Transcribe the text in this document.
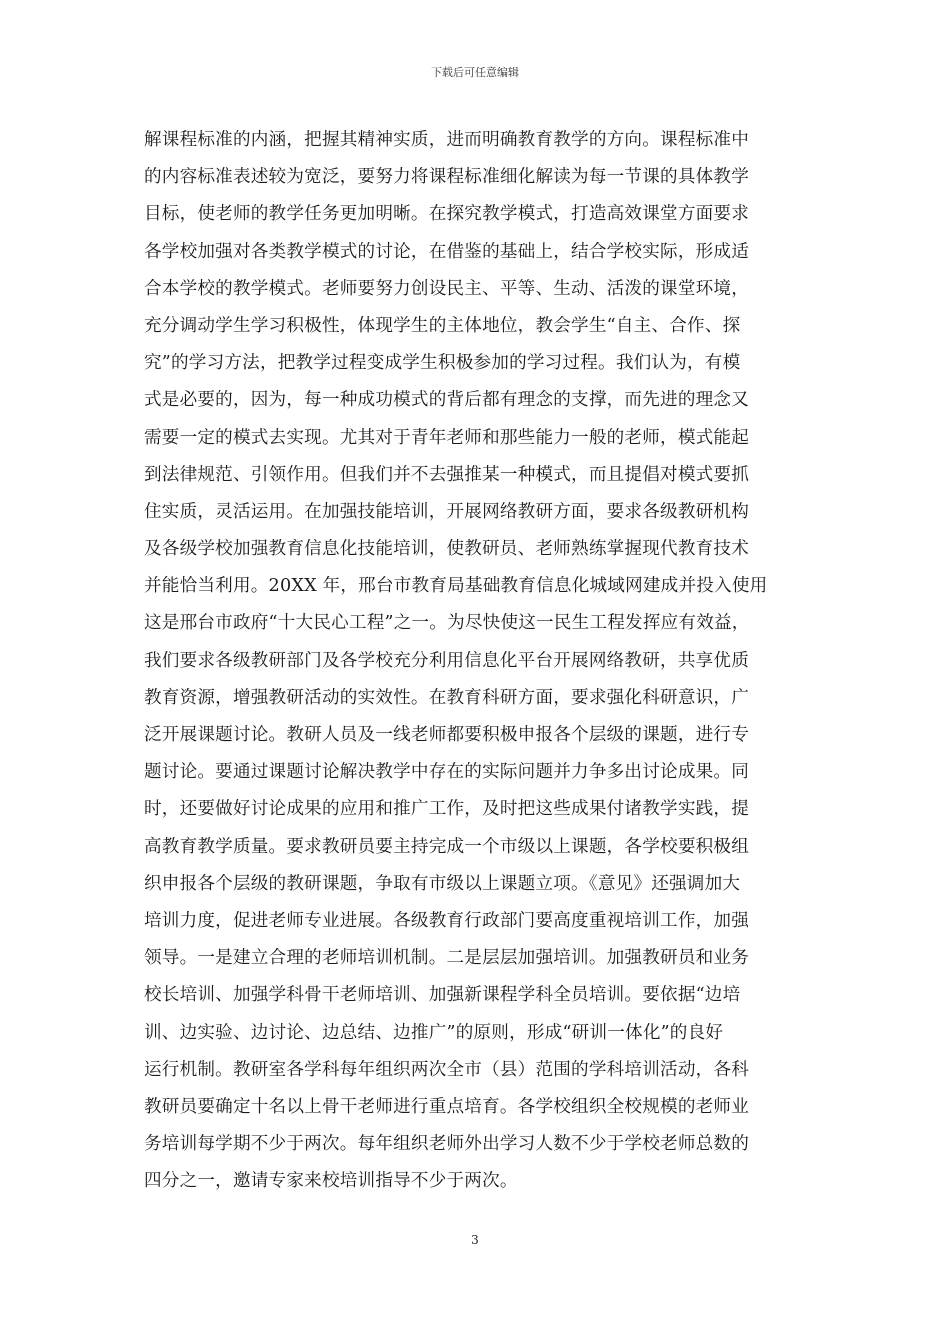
下载后可任意编辑
解课程标准的内涵，把握其精神实质，进而明确教育教学的方向。课程标准中
的内容标准表述较为宽泛，要努力将课程标准细化解读为每一节课的具体教学
目标，使老师的教学任务更加明晰。在探究教学模式，打造高效课堂方面要求
各学校加强对各类教学模式的讨论，在借鉴的基础上，结合学校实际，形成适
合本学校的教学模式。老师要努力创设民主、平等、生动、活泼的课堂环境，
充分调动学生学习积极性，体现学生的主体地位，教会学生“自主、合作、探
究”的学习方法，把教学过程变成学生积极参加的学习过程。我们认为，有模
式是必要的，因为，每一种成功模式的背后都有理念的支撑，而先进的理念又
需要一定的模式去实现。尤其对于青年老师和那些能力一般的老师，模式能起
到法律规范、引领作用。但我们并不去强推某一种模式，而且提倡对模式要抓
住实质，灵活运用。在加强技能培训，开展网络教研方面，要求各级教研机构
及各级学校加强教育信息化技能培训，使教研员、老师熟练掌握现代教育技术
并能恰当利用。20XX 年，邢台市教育局基础教育信息化城域网建成并投入使用
这是邢台市政府“十大民心工程”之一。为尽快使这一民生工程发挥应有效益，
我们要求各级教研部门及各学校充分利用信息化平台开展网络教研，共享优质
教育资源，增强教研活动的实效性。在教育科研方面，要求强化科研意识，广
泛开展课题讨论。教研人员及一线老师都要积极申报各个层级的课题，进行专
题讨论。要通过课题讨论解决教学中存在的实际问题并力争多出讨论成果。同
时，还要做好讨论成果的应用和推广工作，及时把这些成果付诸教学实践，提
高教育教学质量。要求教研员要主持完成一个市级以上课题，各学校要积极组
织申报各个层级的教研课题，争取有市级以上课题立项。《意见》还强调加大
培训力度，促进老师专业进展。各级教育行政部门要高度重视培训工作，加强
领导。一是建立合理的老师培训机制。二是层层加强培训。加强教研员和业务
校长培训、加强学科骨干老师培训、加强新课程学科全员培训。要依据“边培
训、边实验、边讨论、边总结、边推广”的原则，形成“研训一体化”的良好
运行机制。教研室各学科每年组织两次全市（县）范围的学科培训活动，各科
教研员要确定十名以上骨干老师进行重点培育。各学校组织全校规模的老师业
务培训每学期不少于两次。每年组织老师外出学习人数不少于学校老师总数的
四分之一，邀请专家来校培训指导不少于两次。
3
